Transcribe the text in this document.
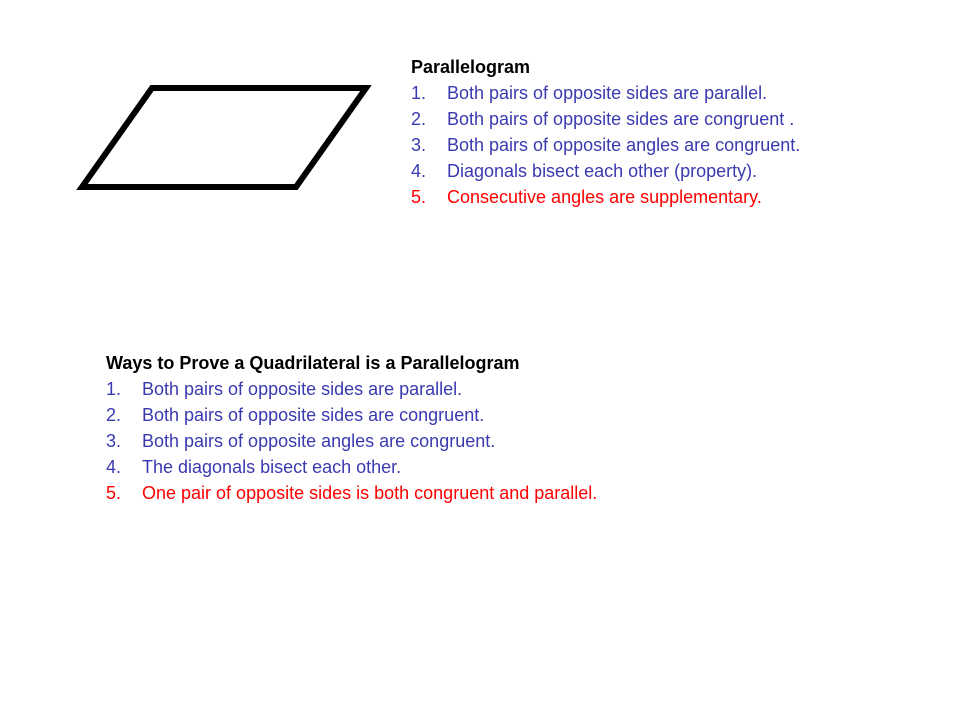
Parallelogram
1. Both pairs of opposite sides are parallel.
2. Both pairs of opposite sides are congruent .
3. Both pairs of opposite angles are congruent.
4. Diagonals bisect each other (property).
5. Consecutive angles are supplementary.
Ways to Prove a Quadrilateral is a Parallelogram
1. Both pairs of opposite sides are parallel.
2. Both pairs of opposite sides are congruent.
3. Both pairs of opposite angles are congruent.
4. The diagonals bisect each other.
5. One pair of opposite sides is both congruent and parallel.
